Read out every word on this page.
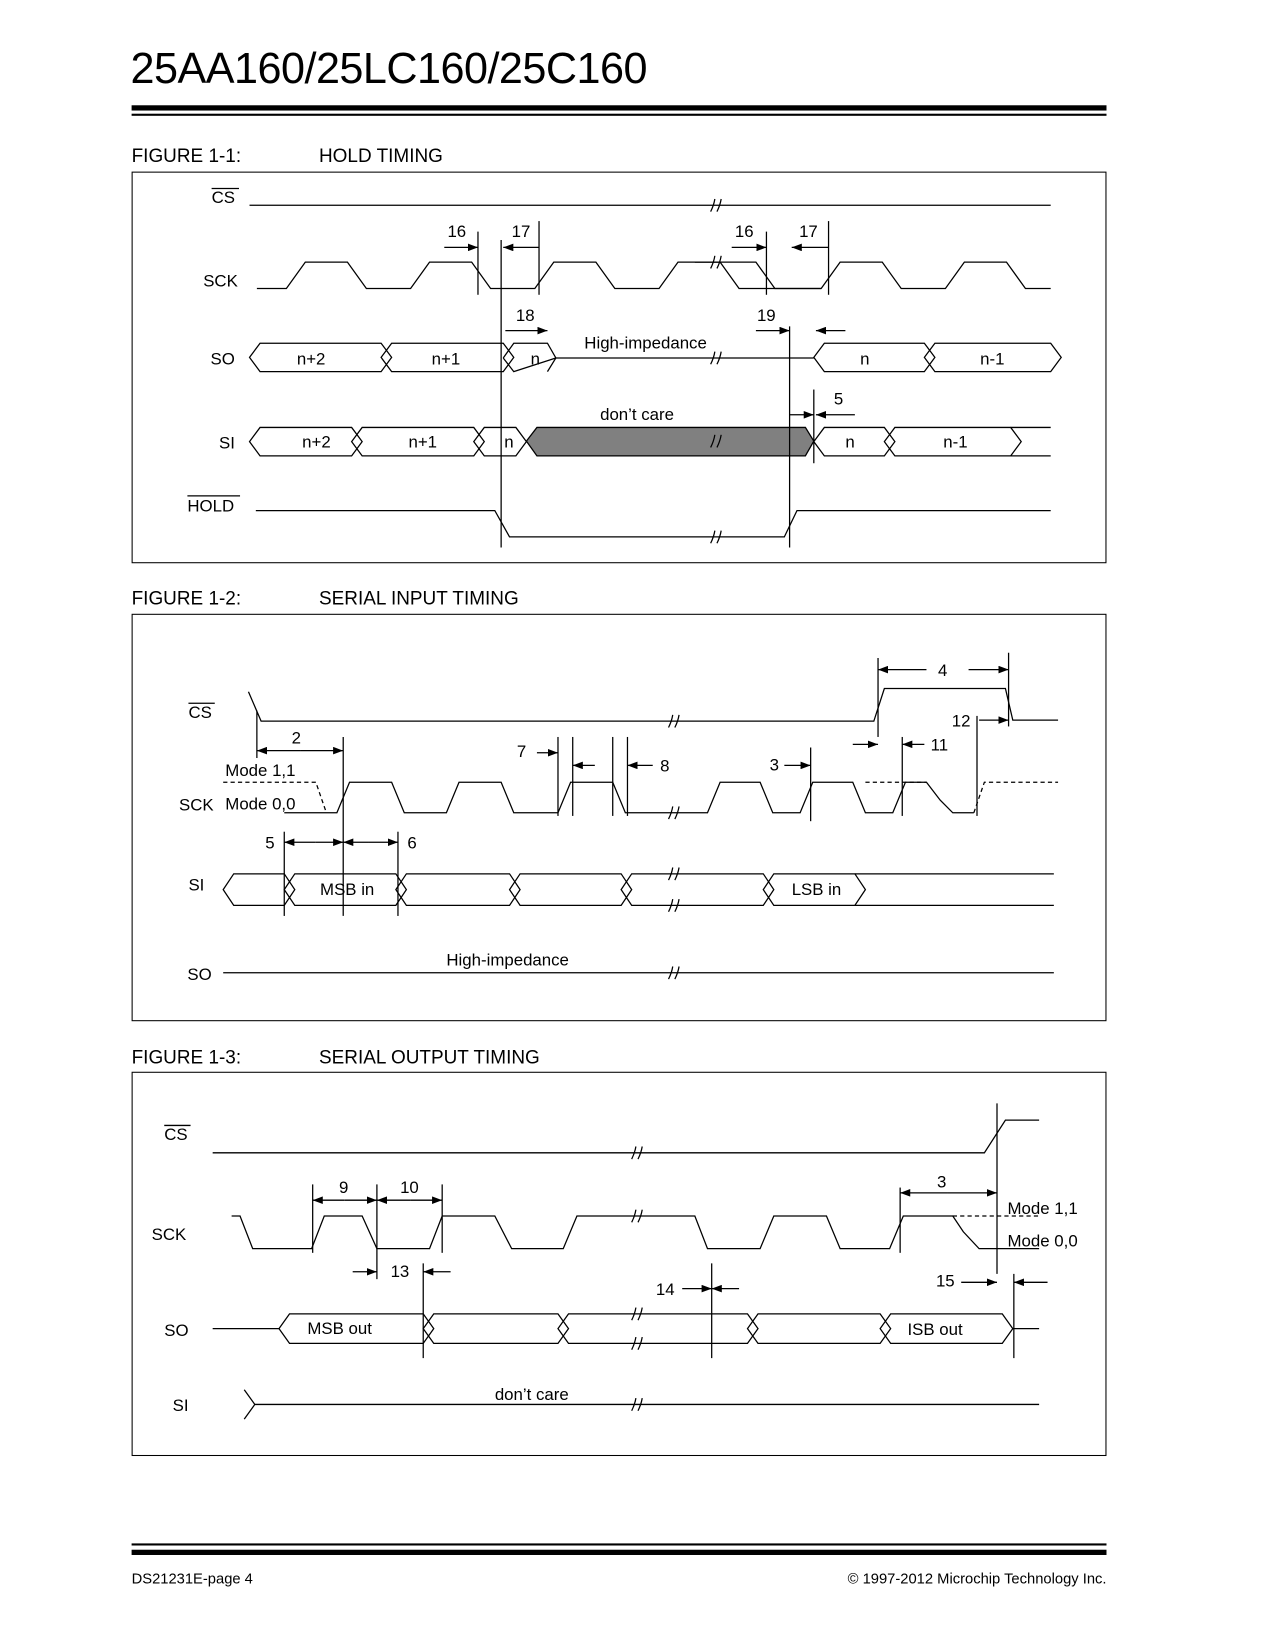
25AA160/25LC160/25C160
FIGURE 1-1:	HOLD TIMING
FIGURE 1-2:	SERIAL INPUT TIMING
FIGURE 1-3:	SERIAL OUTPUT TIMING
CS
SCK
SO
SI
HOLD
16	17	16	17
18	19
5
n+2	n+1	n	n	n-1
n+2	n+1	n	n	n-1
High-impedance
don’t care
CS
SCK
Mode 1,1
Mode 0,0
SI
SO
2
7
8	3
4
12
11
5	6
MSB in	LSB in
High-impedance
CS
SCK
SO
SI
Mode 1,1
Mode 0,0
9	10
13
14
3
15
MSB out	ISB out
don’t care
DS21231E-page 4	© 1997-2012 Microchip Technology Inc.
